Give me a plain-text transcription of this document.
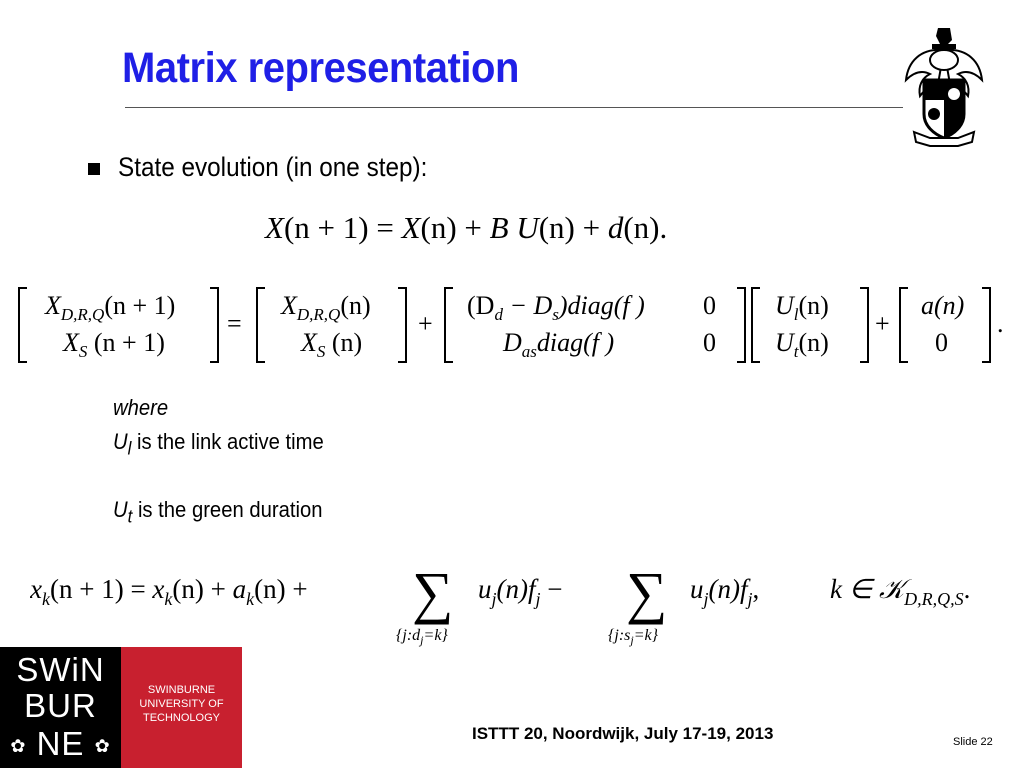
Matrix representation
State evolution (in one step):
X(n + 1) = X(n) + B U(n) + d(n).
$X_{D,R,Q}(n + 1)$
$X_S$ (n + 1)
=
$X_{D,R,Q}(n)$
$X_S$ (n)
+
($D_d$ − $D_s)diag(f$ ) 0
$D_{as}diag(f$ )	0
$U_l(n)$
$U_t(n)$
+
a(n)
0
.
where
$U_l$ is the link active time
$U_t$ is the green duration
$x_k(n + 1) = x_k(n) + a_k(n)$ + ∑
$\{j:d_j=k\}$
$u_j(n)f_j$ − ∑
$\{j:s_j=k\}$
$u_j(n)f_j$,	k ∈ 𝒦$_{D,R,Q,S}$.
SWiN
BUR
✿ NE ✿
SWINBURNE
UNIVERSITY OF
TECHNOLOGY
ISTTT 20, Noordwijk, July 17-19, 2013	Slide 22
